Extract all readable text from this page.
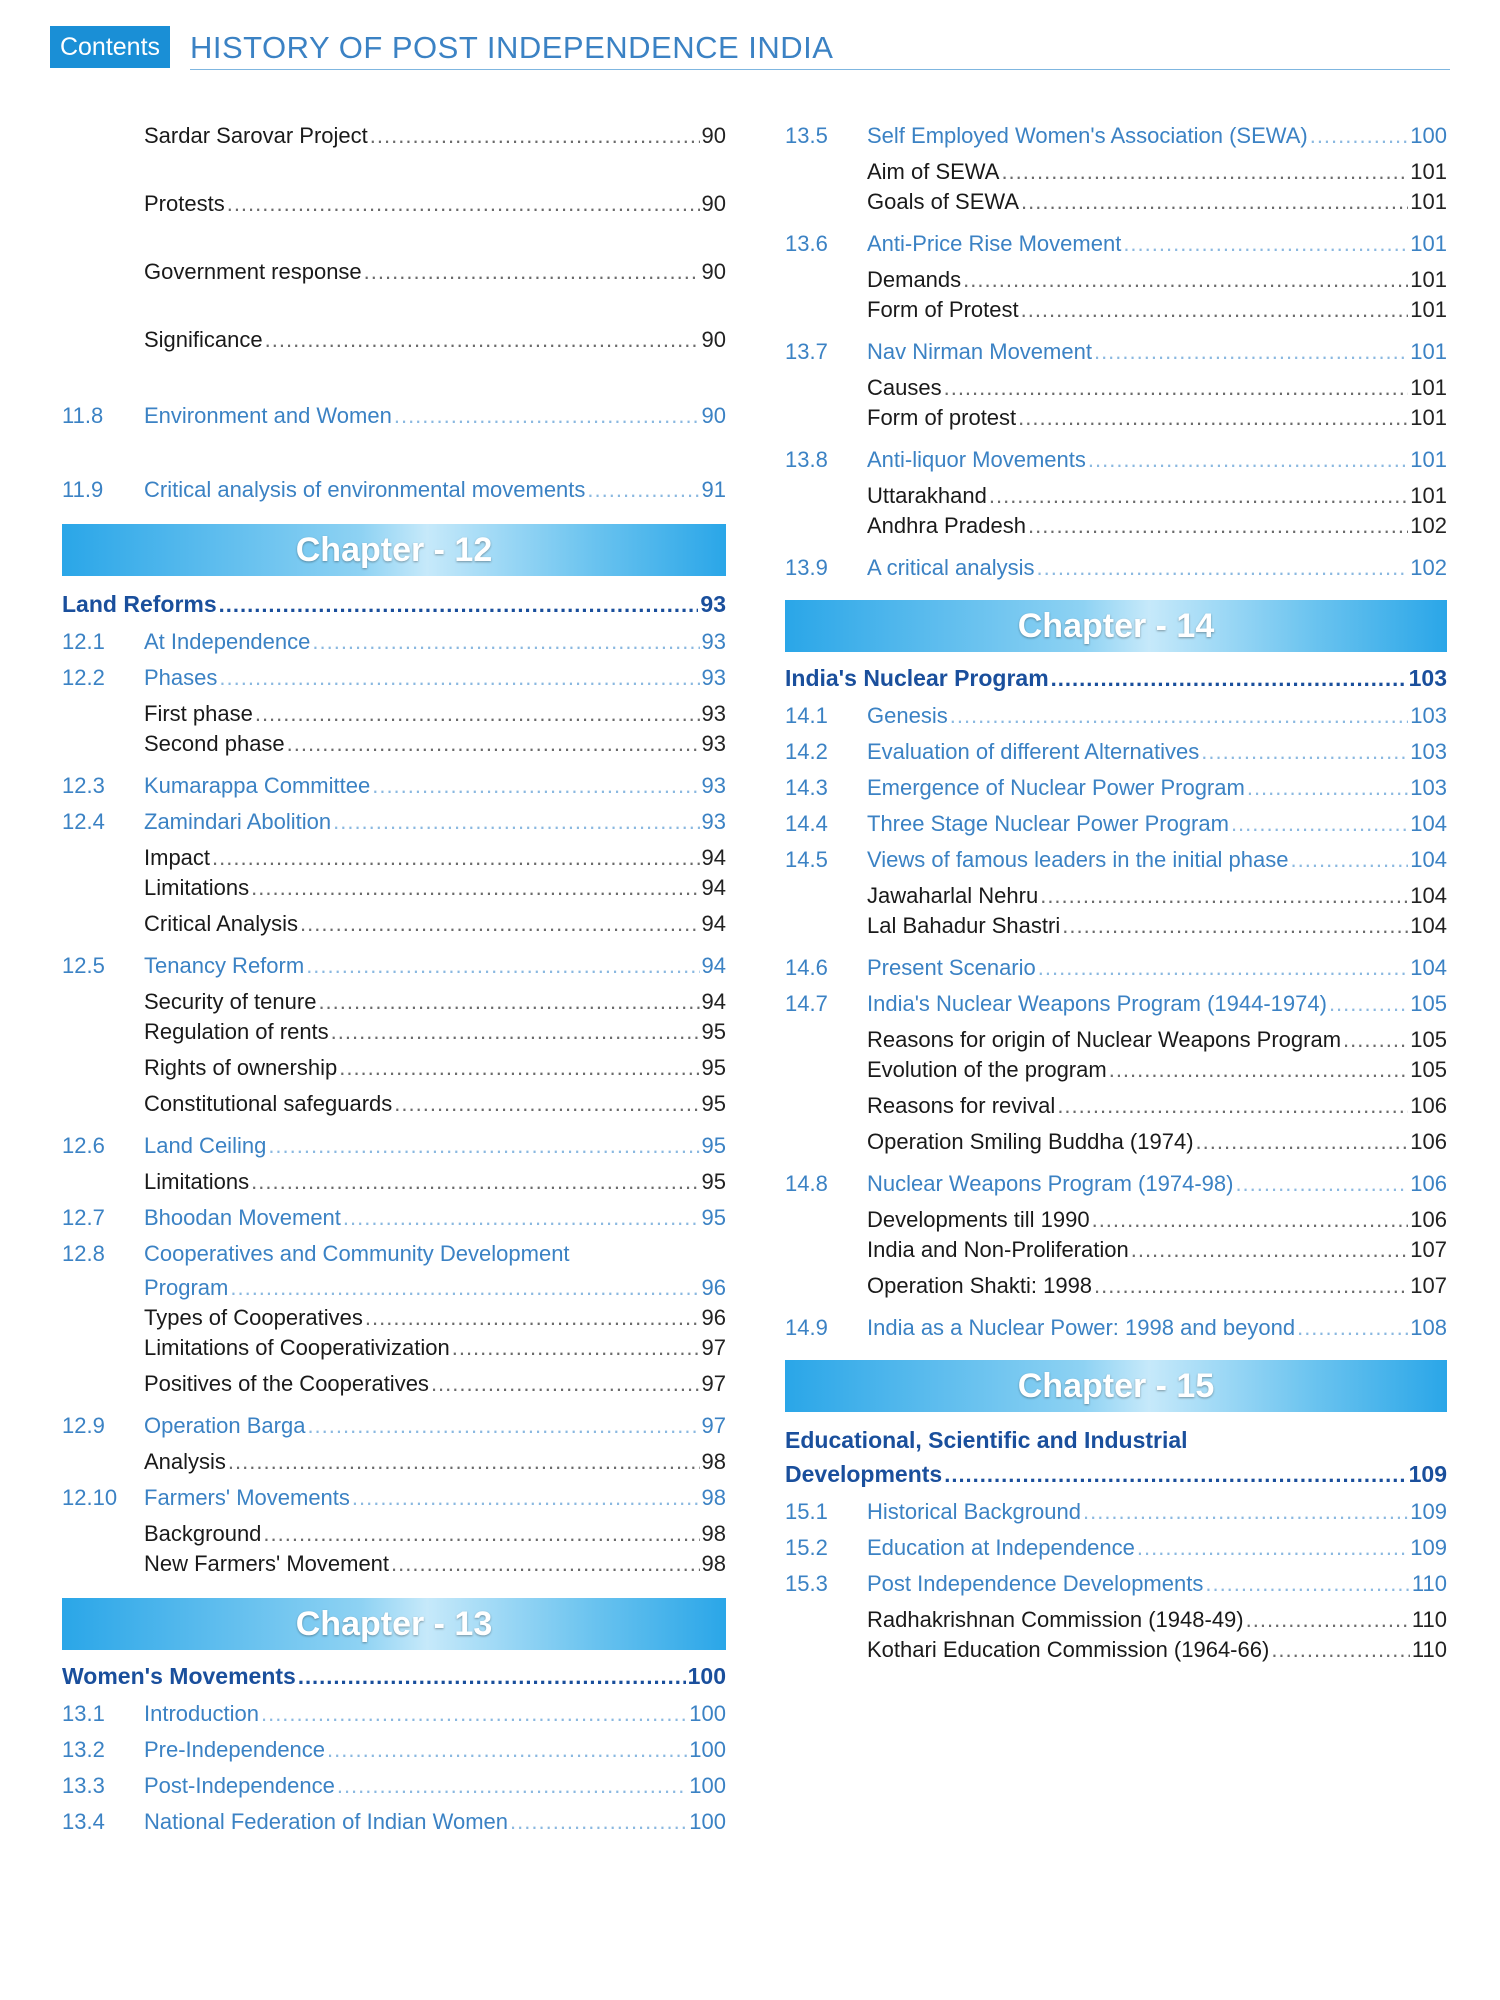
Contents HISTORY OF POST INDEPENDENCE INDIA
Sardar Sarovar Project .....	90
Protests .....	90
Government response .....	90
Significance .....	90
11.8 Environment and Women .....	90
11.9 Critical analysis of environmental movements .....	91
Chapter - 12
Land Reforms .....	93
12.1 At Independence .....	93
12.2 Phases .....	93
First phase .....	93
Second phase .....	93
12.3 Kumarappa Committee .....	93
12.4 Zamindari Abolition .....	93
Impact .....	94
Limitations .....	94
Critical Analysis .....	94
12.5 Tenancy Reform .....	94
Security of tenure .....	94
Regulation of rents .....	95
Rights of ownership .....	95
Constitutional safeguards .....	95
12.6 Land Ceiling .....	95
Limitations .....	95
12.7 Bhoodan Movement .....	95
12.8 Cooperatives and Community Development
Program .....	96
Types of Cooperatives .....	96
Limitations of Cooperativization .....	97
Positives of the Cooperatives .....	97
12.9 Operation Barga .....	97
Analysis .....	98
12.10 Farmers' Movements .....	98
Background .....	98
New Farmers' Movement .....	98
Chapter - 13
Women's Movements .....	100
13.1 Introduction .....	100
13.2 Pre-Independence .....	100
13.3 Post-Independence .....	100
13.4 National Federation of Indian Women .....	100
13.5 Self Employed Women's Association (SEWA) .....	100
Aim of SEWA .....	101
Goals of SEWA .....	101
13.6 Anti-Price Rise Movement .....	101
Demands .....	101
Form of Protest .....	101
13.7 Nav Nirman Movement .....	101
Causes .....	101
Form of protest .....	101
13.8 Anti-liquor Movements .....	101
Uttarakhand .....	101
Andhra Pradesh .....	102
13.9 A critical analysis .....	102
Chapter - 14
India's Nuclear Program .....	103
14.1 Genesis .....	103
14.2 Evaluation of different Alternatives .....	103
14.3 Emergence of Nuclear Power Program .....	103
14.4 Three Stage Nuclear Power Program .....	104
14.5 Views of famous leaders in the initial phase .....	104
Jawaharlal Nehru .....	104
Lal Bahadur Shastri .....	104
14.6 Present Scenario .....	104
14.7 India's Nuclear Weapons Program (1944-1974) .....	105
Reasons for origin of Nuclear Weapons Program .....	105
Evolution of the program .....	105
Reasons for revival .....	106
Operation Smiling Buddha (1974) .....	106
14.8 Nuclear Weapons Program (1974-98) .....	106
Developments till 1990 .....	106
India and Non-Proliferation .....	107
Operation Shakti: 1998 .....	107
14.9 India as a Nuclear Power: 1998 and beyond .....	108
Chapter - 15
Educational, Scientific and Industrial
Developments .....	109
15.1 Historical Background .....	109
15.2 Education at Independence .....	109
15.3 Post Independence Developments .....	110
Radhakrishnan Commission (1948-49) .....	110
Kothari Education Commission (1964-66) .....	110
